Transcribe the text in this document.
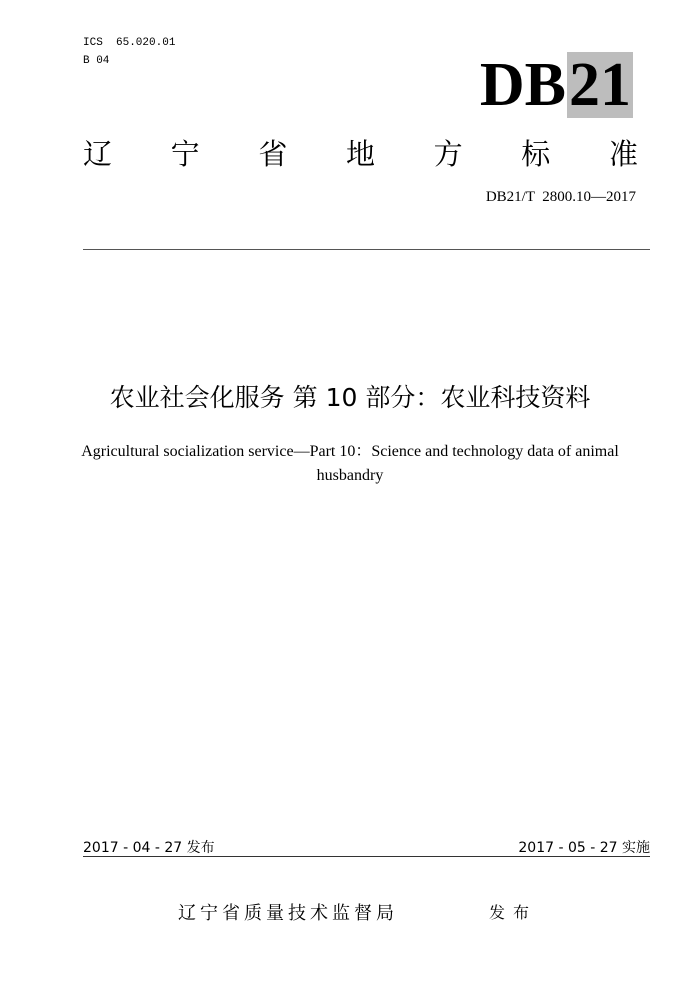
ICS  65.020.01
B 04	DB 21
辽 宁 省 地 方 标 准
DB21/T  2800.10—2017
农业社会化服务 第 10 部分：农业科技资料
Agricultural socialization service—Part 10：Science and technology data of animal husbandry
2017 - 04 - 27 发布	2017 - 05 - 27 实施
辽宁省质量技术监督局	发布
